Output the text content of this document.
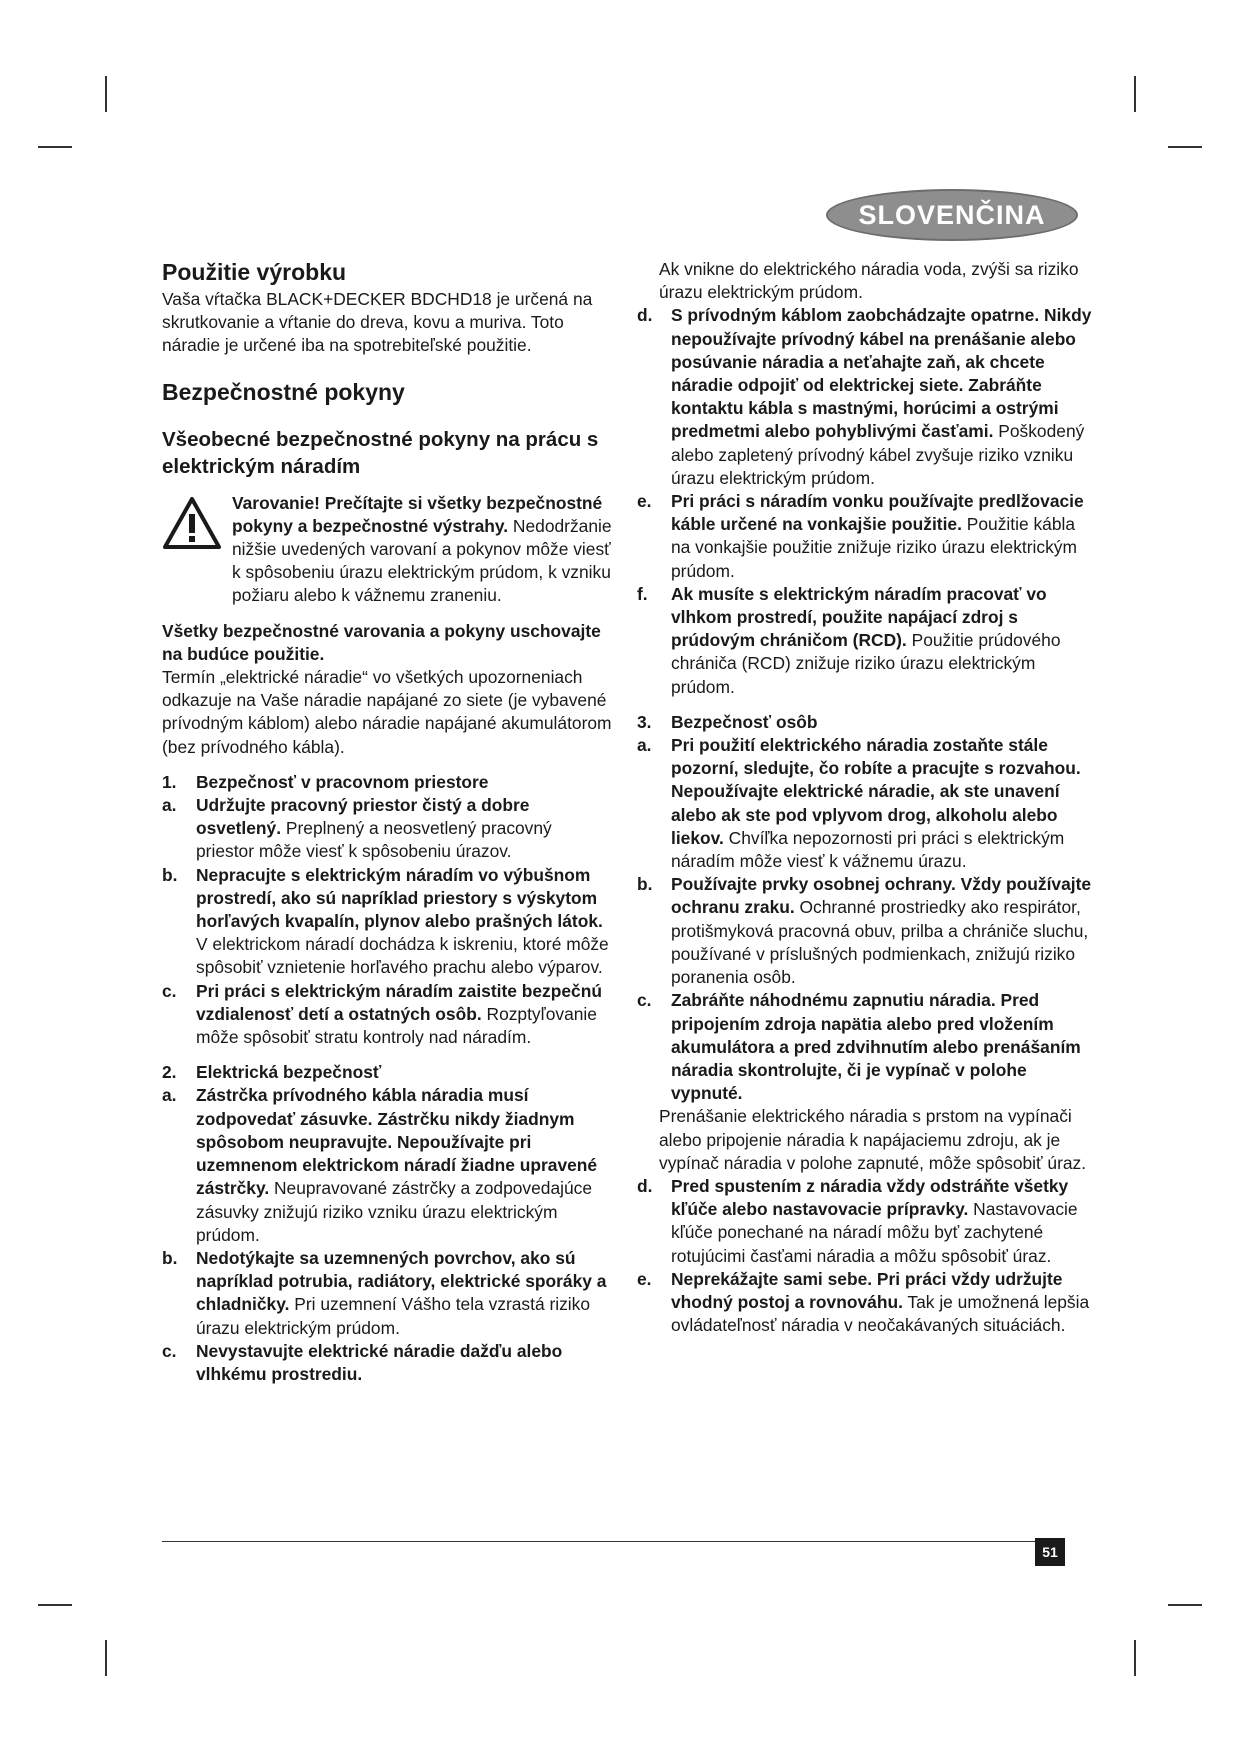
SLOVENČINA
Použitie výrobku

Vaša vŕtačka BLACK+DECKER BDCHD18 je určená na skrutkovanie a vŕtanie do dreva, kovu a muriva. Toto náradie je určené iba na spotrebiteľské použitie.

Bezpečnostné pokyny
Všeobecné bezpečnostné pokyny na prácu s elektrickým náradím
Varovanie! Prečítajte si všetky bezpečnostné pokyny a bezpečnostné výstrahy. Nedodržanie nižšie uvedených varovaní a pokynov môže viesť k spôsobeniu úrazu elektrickým prúdom, k vzniku požiaru alebo k vážnemu zraneniu.

Všetky bezpečnostné varovania a pokyny uschovajte na budúce použitie.

Termín „elektrické náradie“ vo všetkých upozorneniach odkazuje na Vaše náradie napájané zo siete (je vybavené prívodným káblom) alebo náradie napájané akumulátorom (bez prívodného kábla).

1.	Bezpečnosť v pracovnom priestore
a.	Udržujte pracovný priestor čistý a dobre osvetlený. Preplnený a neosvetlený pracovný priestor môže viesť k spôsobeniu úrazov.
b.	Nepracujte s elektrickým náradím vo výbušnom prostredí, ako sú napríklad priestory s výskytom horľavých kvapalín, plynov alebo prašných látok. V elektrickom náradí dochádza k iskreniu, ktoré môže spôsobiť vznietenie horľavého prachu alebo výparov.
c.	Pri práci s elektrickým náradím zaistite bezpečnú vzdialenosť detí a ostatných osôb. Rozptyľovanie môže spôsobiť stratu kontroly nad náradím.
2.	Elektrická bezpečnosť
a.	Zástrčka prívodného kábla náradia musí zodpovedať zásuvke. Zástrčku nikdy žiadnym spôsobom neupravujte. Nepoužívajte pri uzemnenom elektrickom náradí žiadne upravené zástrčky. Neupravované zástrčky a zodpovedajúce zásuvky znižujú riziko vzniku úrazu elektrickým prúdom.
b.	Nedotýkajte sa uzemnených povrchov, ako sú napríklad potrubia, radiátory, elektrické sporáky a chladničky. Pri uzemnení Vášho tela vzrastá riziko úrazu elektrickým prúdom.
c.	Nevystavujte elektrické náradie dažďu alebo vlhkému prostrediu.

Ak vnikne do elektrického náradia voda, zvýši sa riziko úrazu elektrickým prúdom.

d.	S prívodným káblom zaobchádzajte opatrne. Nikdy nepoužívajte prívodný kábel na prenášanie alebo posúvanie náradia a neťahajte zaň, ak chcete náradie odpojiť od elektrickej siete. Zabráňte kontaktu kábla s mastnými, horúcimi a ostrými predmetmi alebo pohyblivými časťami. Poškodený alebo zapletený prívodný kábel zvyšuje riziko vzniku úrazu elektrickým prúdom.
e.	Pri práci s náradím vonku používajte predlžovacie káble určené na vonkajšie použitie. Použitie kábla na vonkajšie použitie znižuje riziko úrazu elektrickým prúdom.
f.	Ak musíte s elektrickým náradím pracovať vo vlhkom prostredí, použite napájací zdroj s prúdovým chráničom (RCD). Použitie prúdového chrániča (RCD) znižuje riziko úrazu elektrickým prúdom.
3.	Bezpečnosť osôb
a.	Pri použití elektrického náradia zostaňte stále pozorní, sledujte, čo robíte a pracujte s rozvahou. Nepoužívajte elektrické náradie, ak ste unavení alebo ak ste pod vplyvom drog, alkoholu alebo liekov. Chvíľka nepozornosti pri práci s elektrickým náradím môže viesť k vážnemu úrazu.
b.	Používajte prvky osobnej ochrany. Vždy používajte ochranu zraku. Ochranné prostriedky ako respirátor, protišmyková pracovná obuv, prilba a chrániče sluchu, používané v príslušných podmienkach, znižujú riziko poranenia osôb.
c.	Zabráňte náhodnému zapnutiu náradia. Pred pripojením zdroja napätia alebo pred vložením akumulátora a pred zdvihnutím alebo prenášaním náradia skontrolujte, či je vypínač v polohe vypnuté.

Prenášanie elektrického náradia s prstom na vypínači alebo pripojenie náradia k napájaciemu zdroju, ak je vypínač náradia v polohe zapnuté, môže spôsobiť úraz.

d.	Pred spustením z náradia vždy odstráňte všetky kľúče alebo nastavovacie prípravky. Nastavovacie kľúče ponechané na náradí môžu byť zachytené rotujúcimi časťami náradia a môžu spôsobiť úraz.
e.	Neprekážajte sami sebe. Pri práci vždy udržujte vhodný postoj a rovnováhu. Tak je umožnená lepšia ovládateľnosť náradia v neočakávaných situáciách.
51
